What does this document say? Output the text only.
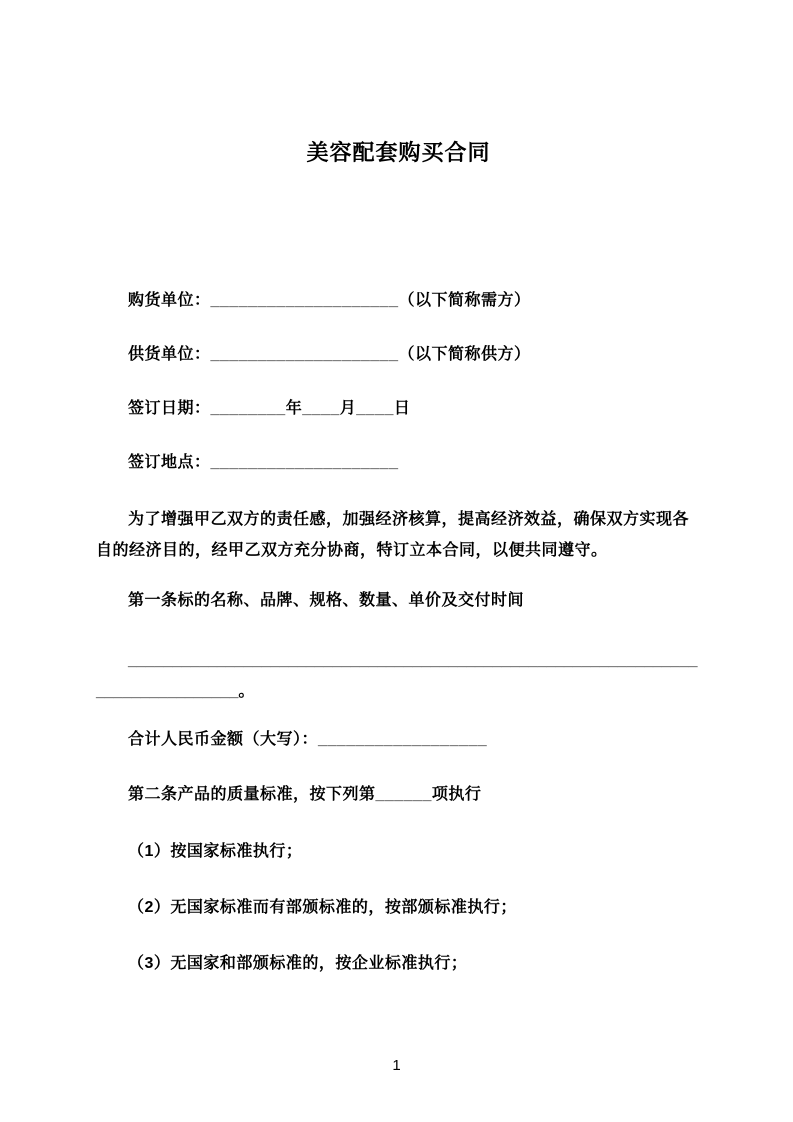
美容配套购买合同

购货单位：____________________（以下简称需方）

供货单位：____________________（以下简称供方）

签订日期：________年____月____日

签订地点：____________________

为了增强甲乙双方的责任感，加强经济核算，提高经济效益，确保双方实现各自的经济目的，经甲乙双方充分协商，特订立本合同，以便共同遵守。

第一条标的名称、品牌、规格、数量、单价及交付时间

________________________________________________________________________________。

合计人民币金额（大写）：__________________

第二条产品的质量标准，按下列第______项执行

（1）按国家标准执行；

（2）无国家标准而有部颁标准的，按部颁标准执行；

（3）无国家和部颁标准的，按企业标准执行；

1
